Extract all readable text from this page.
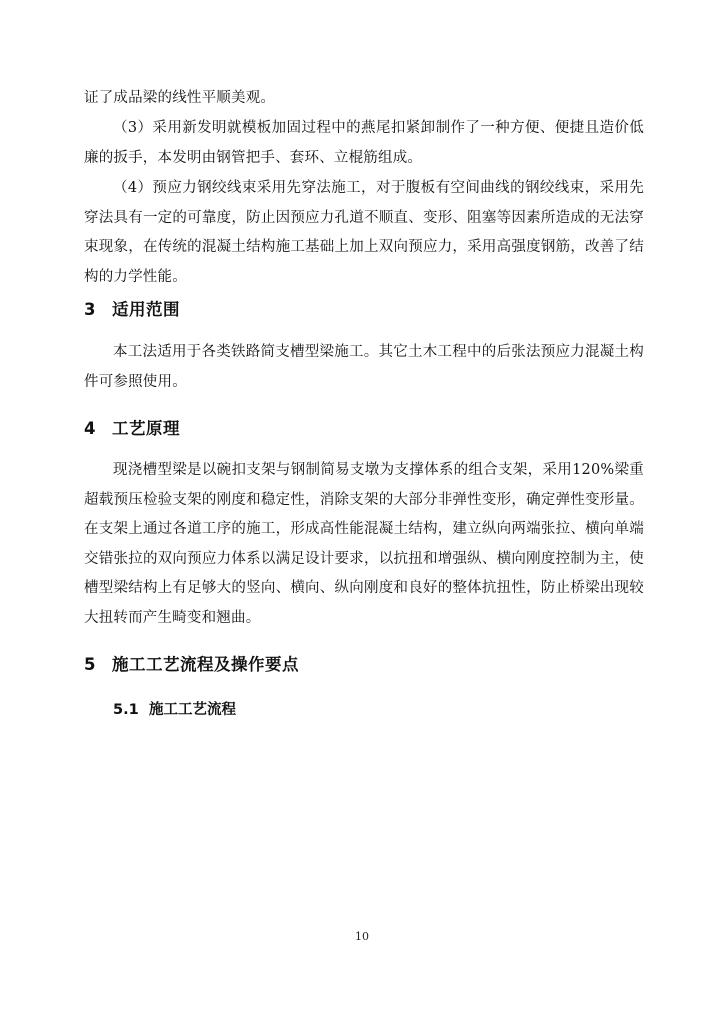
证了成品梁的线性平顺美观。

（3）采用新发明就模板加固过程中的燕尾扣紧卸制作了一种方便、便捷且造价低廉的扳手，本发明由钢管把手、套环、立棍筋组成。

（4）预应力钢绞线束采用先穿法施工，对于腹板有空间曲线的钢绞线束，采用先穿法具有一定的可靠度，防止因预应力孔道不顺直、变形、阻塞等因素所造成的无法穿束现象，在传统的混凝土结构施工基础上加上双向预应力，采用高强度钢筋，改善了结构的力学性能。

3 适用范围

本工法适用于各类铁路简支槽型梁施工。其它土木工程中的后张法预应力混凝土构件可参照使用。

4 工艺原理

现浇槽型梁是以碗扣支架与钢制简易支墩为支撑体系的组合支架，采用120%梁重超载预压检验支架的刚度和稳定性，消除支架的大部分非弹性变形，确定弹性变形量。在支架上通过各道工序的施工，形成高性能混凝土结构，建立纵向两端张拉、横向单端交错张拉的双向预应力体系以满足设计要求，以抗扭和增强纵、横向刚度控制为主，使槽型梁结构上有足够大的竖向、横向、纵向刚度和良好的整体抗扭性，防止桥梁出现较大扭转而产生畸变和翘曲。

5 施工工艺流程及操作要点
5.1 施工工艺流程
10
